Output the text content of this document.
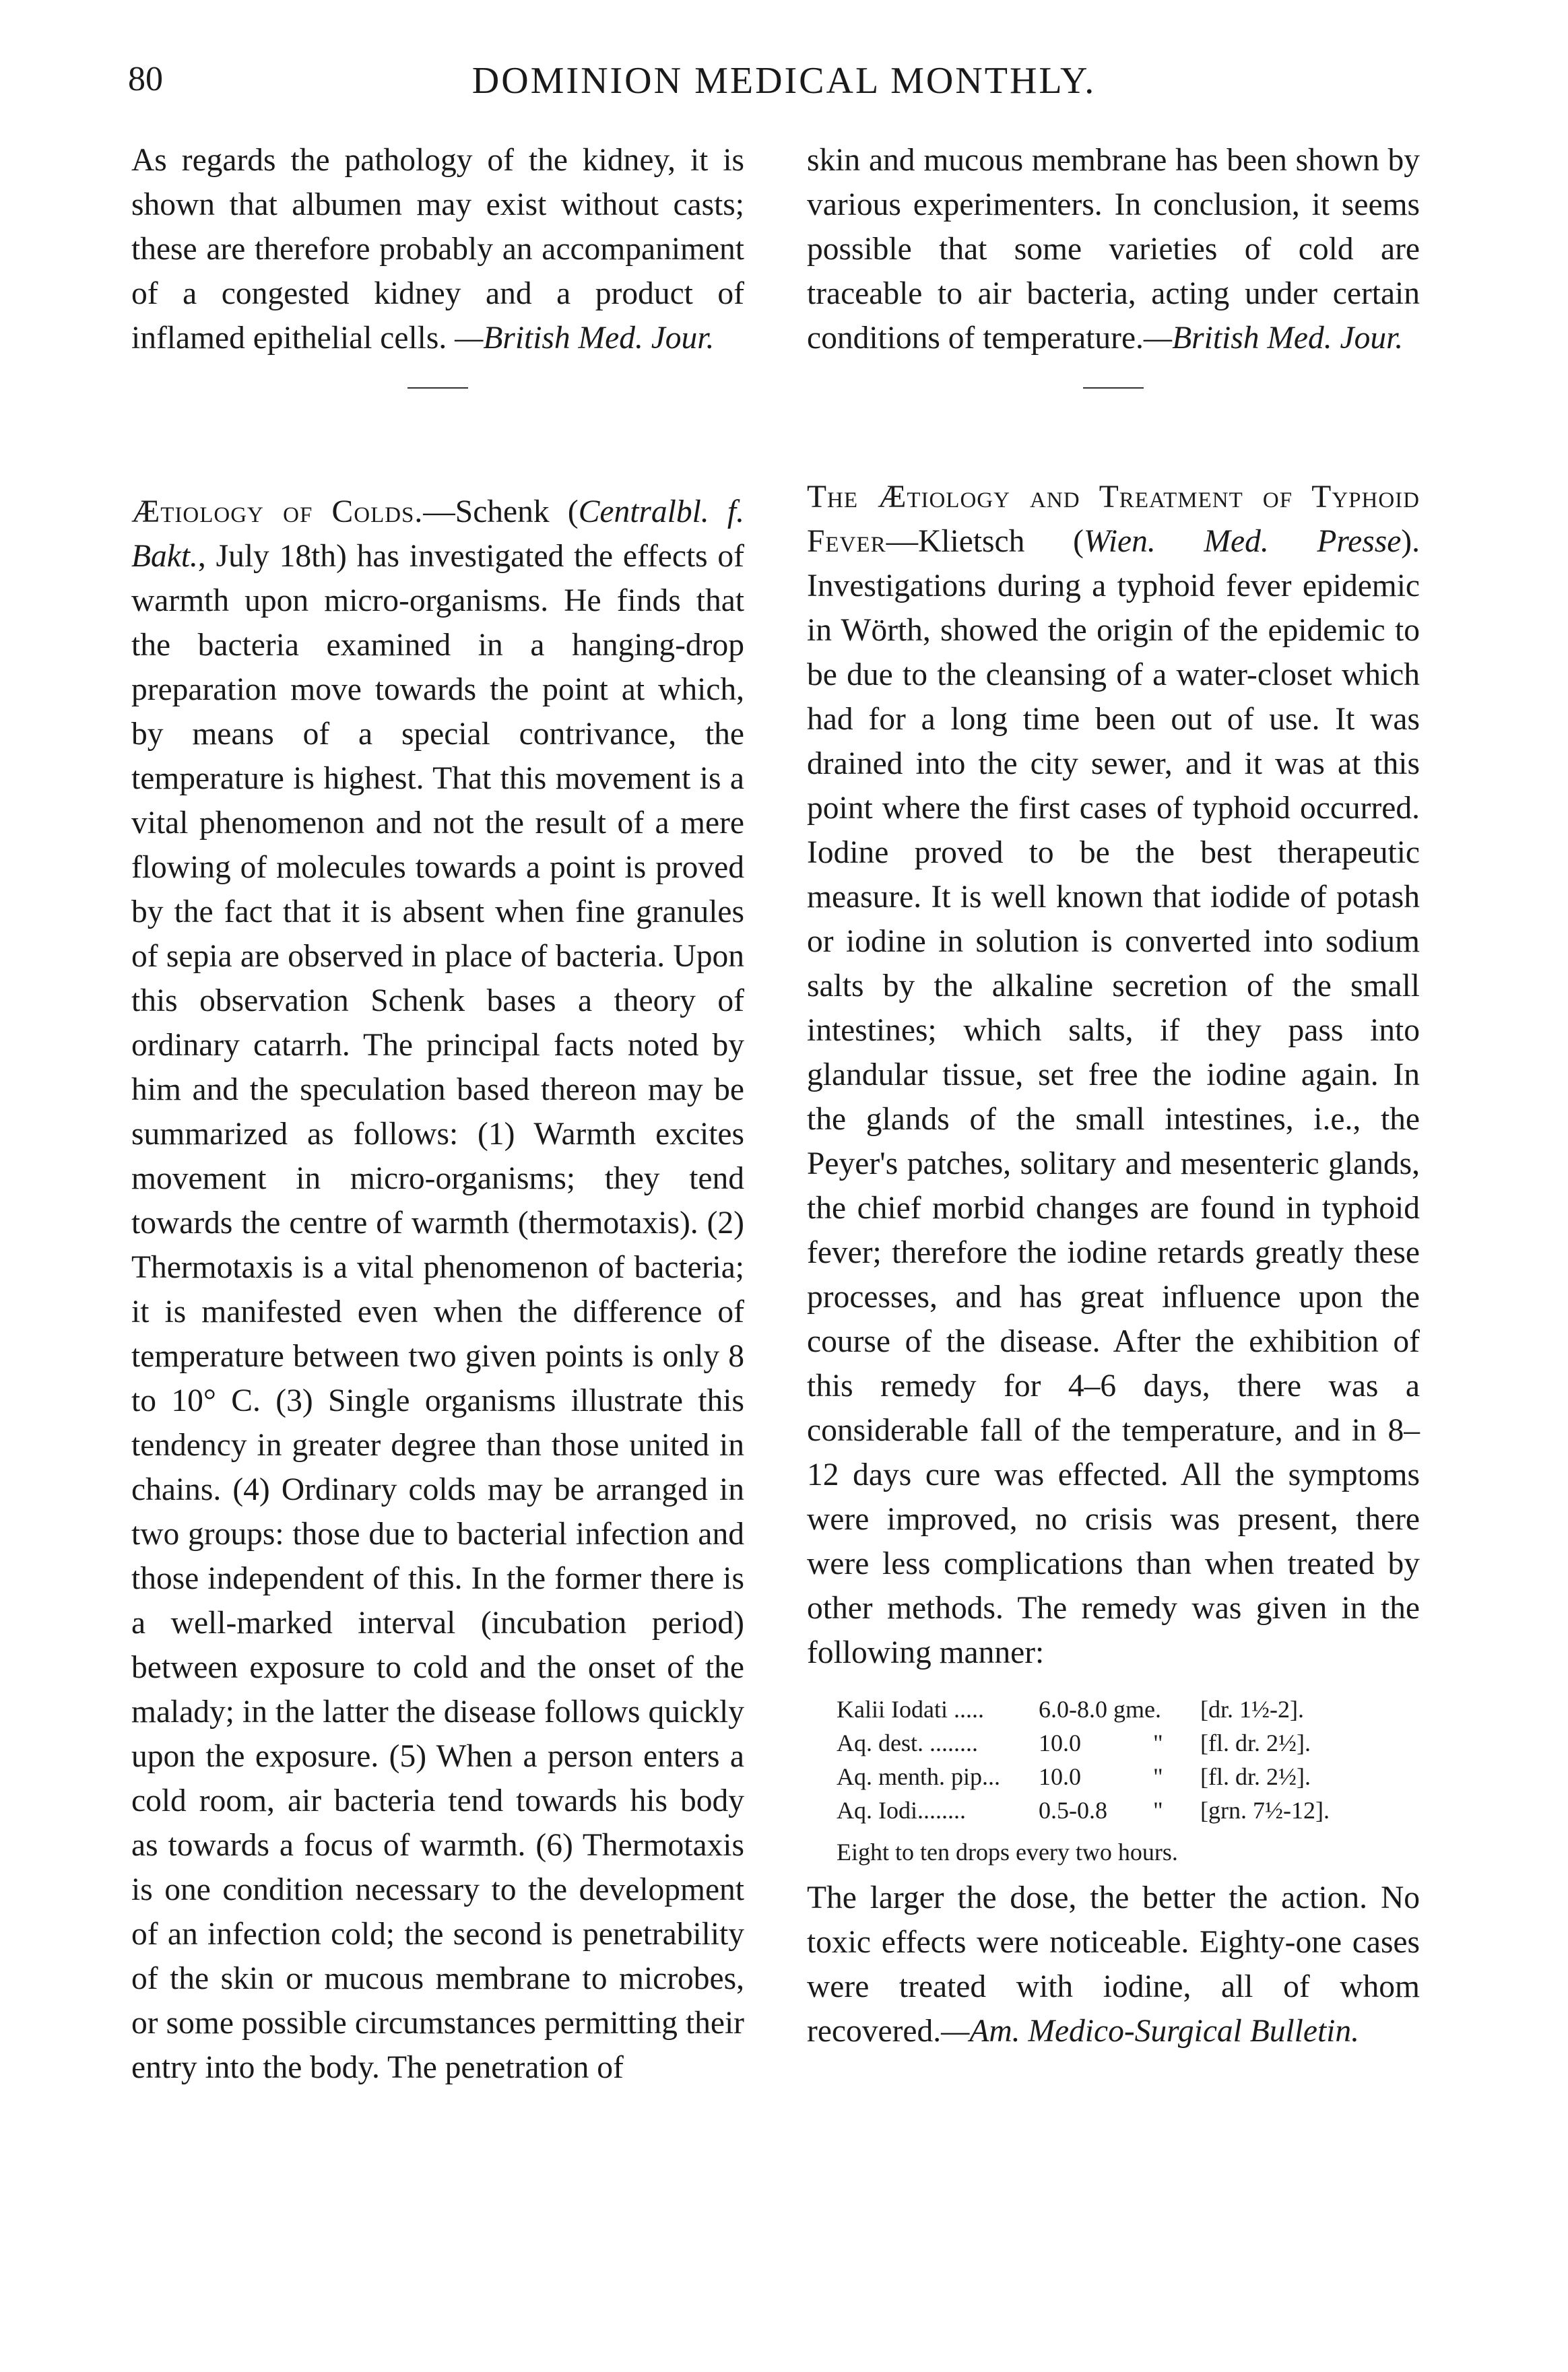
80	DOMINION MEDICAL MONTHLY.

As regards the pathology of the kidney, it is shown that albumen may exist without casts; these are therefore probably an accompaniment of a congested kidney and a product of inflamed epithelial cells. —British Med. Jour.

Ætiology of Colds.—Schenk (Centralbl. f. Bakt., July 18th) has investigated the effects of warmth upon micro-organisms. He finds that the bacteria examined in a hanging-drop preparation move towards the point at which, by means of a special contrivance, the temperature is highest. That this movement is a vital phenomenon and not the result of a mere flowing of molecules towards a point is proved by the fact that it is absent when fine granules of sepia are observed in place of bacteria. Upon this observation Schenk bases a theory of ordinary catarrh. The principal facts noted by him and the speculation based thereon may be summarized as follows: (1) Warmth excites movement in micro-organisms; they tend towards the centre of warmth (thermotaxis). (2) Thermotaxis is a vital phenomenon of bacteria; it is manifested even when the difference of temperature between two given points is only 8 to 10° C. (3) Single organisms illustrate this tendency in greater degree than those united in chains. (4) Ordinary colds may be arranged in two groups: those due to bacterial infection and those independent of this. In the former there is a well-marked interval (incubation period) between exposure to cold and the onset of the malady; in the latter the disease follows quickly upon the exposure. (5) When a person enters a cold room, air bacteria tend towards his body as towards a focus of warmth. (6) Thermotaxis is one condition necessary to the development of an infection cold; the second is penetrability of the skin or mucous membrane to microbes, or some possible circumstances permitting their entry into the body. The penetration of

skin and mucous membrane has been shown by various experimenters. In conclusion, it seems possible that some varieties of cold are traceable to air bacteria, acting under certain conditions of temperature.—British Med. Jour.

The Ætiology and Treatment of Typhoid Fever—Klietsch (Wien. Med. Presse). Investigations during a typhoid fever epidemic in Wörth, showed the origin of the epidemic to be due to the cleansing of a water-closet which had for a long time been out of use. It was drained into the city sewer, and it was at this point where the first cases of typhoid occurred. Iodine proved to be the best therapeutic measure. It is well known that iodide of potash or iodine in solution is converted into sodium salts by the alkaline secretion of the small intestines; which salts, if they pass into glandular tissue, set free the iodine again. In the glands of the small intestines, i.e., the Peyer's patches, solitary and mesenteric glands, the chief morbid changes are found in typhoid fever; therefore the iodine retards greatly these processes, and has great influence upon the course of the disease. After the exhibition of this remedy for 4–6 days, there was a considerable fall of the temperature, and in 8–12 days cure was effected. All the symptoms were improved, no crisis was present, there were less complications than when treated by other methods. The remedy was given in the following manner:

Kalii Iodati .....	6.0-8.0 gme. [dr. 1½-2].
Aq. dest. ........	10.0	"	[fl. dr. 2½].
Aq. menth. pip...	10.0	"	[fl. dr. 2½].
Aq. Iodi........	0.5-0.8	"	[grn. 7½-12].
Eight to ten drops every two hours.

The larger the dose, the better the action. No toxic effects were noticeable. Eighty-one cases were treated with iodine, all of whom recovered.—Am. Medico-Surgical Bulletin.
